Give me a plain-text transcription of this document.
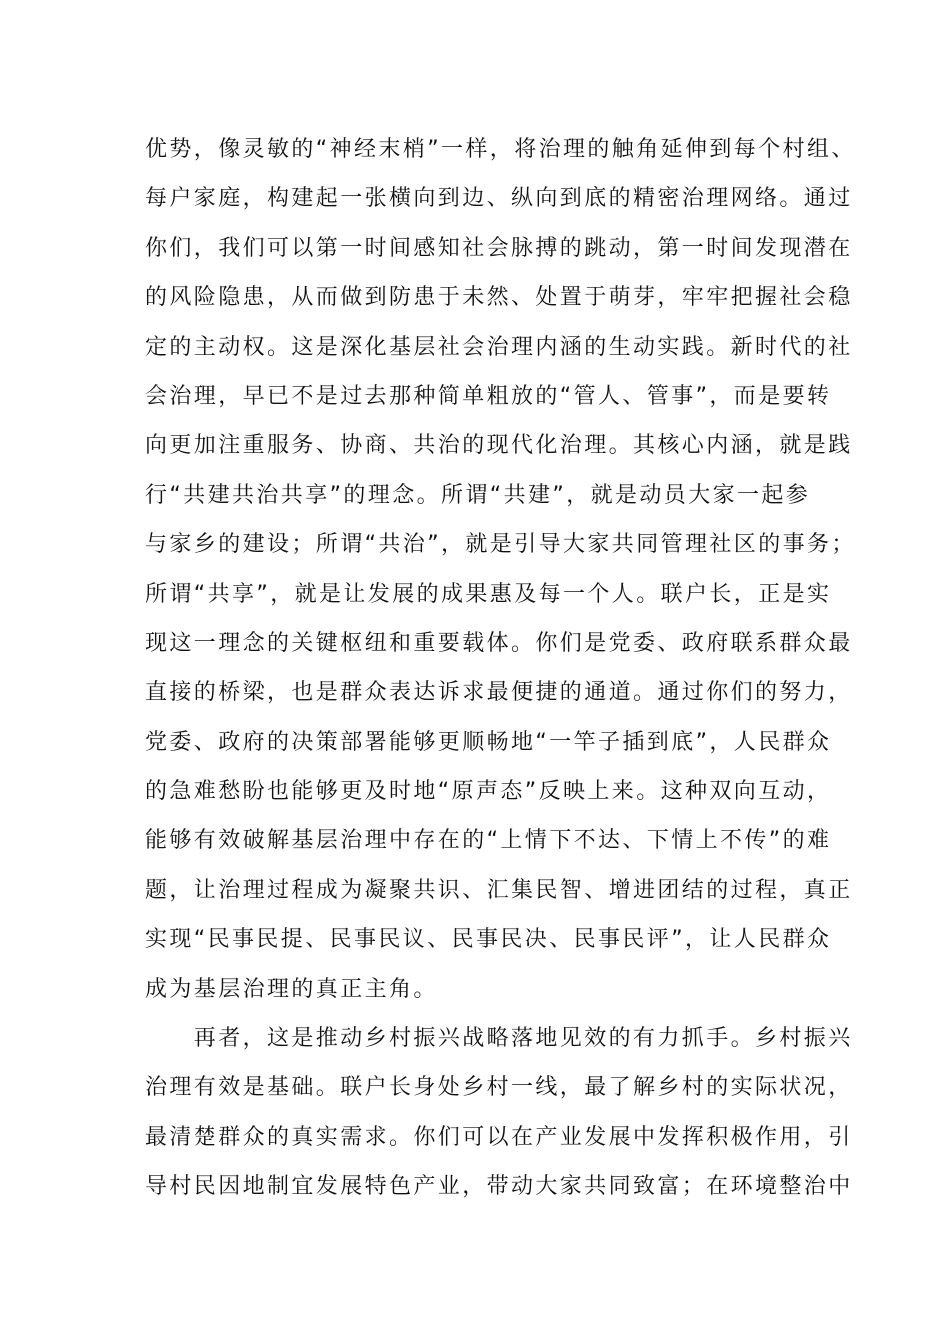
优势，像灵敏的“神经末梢”一样，将治理的触角延伸到每个村组、
每户家庭，构建起一张横向到边、纵向到底的精密治理网络。通过
你们，我们可以第一时间感知社会脉搏的跳动，第一时间发现潜在
的风险隐患，从而做到防患于未然、处置于萌芽，牢牢把握社会稳
定的主动权。这是深化基层社会治理内涵的生动实践。新时代的社
会治理，早已不是过去那种简单粗放的“管人、管事”，而是要转
向更加注重服务、协商、共治的现代化治理。其核心内涵，就是践
行“共建共治共享”的理念。所谓“共建”，就是动员大家一起参
与家乡的建设；所谓“共治”，就是引导大家共同管理社区的事务；
所谓“共享”，就是让发展的成果惠及每一个人。联户长，正是实
现这一理念的关键枢纽和重要载体。你们是党委、政府联系群众最
直接的桥梁，也是群众表达诉求最便捷的通道。通过你们的努力，
党委、政府的决策部署能够更顺畅地“一竿子插到底”，人民群众
的急难愁盼也能够更及时地“原声态”反映上来。这种双向互动，
能够有效破解基层治理中存在的“上情下不达、下情上不传”的难
题，让治理过程成为凝聚共识、汇集民智、增进团结的过程，真正
实现“民事民提、民事民议、民事民决、民事民评”，让人民群众
成为基层治理的真正主角。
再者，这是推动乡村振兴战略落地见效的有力抓手。乡村振兴
治理有效是基础。联户长身处乡村一线，最了解乡村的实际状况，
最清楚群众的真实需求。你们可以在产业发展中发挥积极作用，引
导村民因地制宜发展特色产业，带动大家共同致富；在环境整治中
